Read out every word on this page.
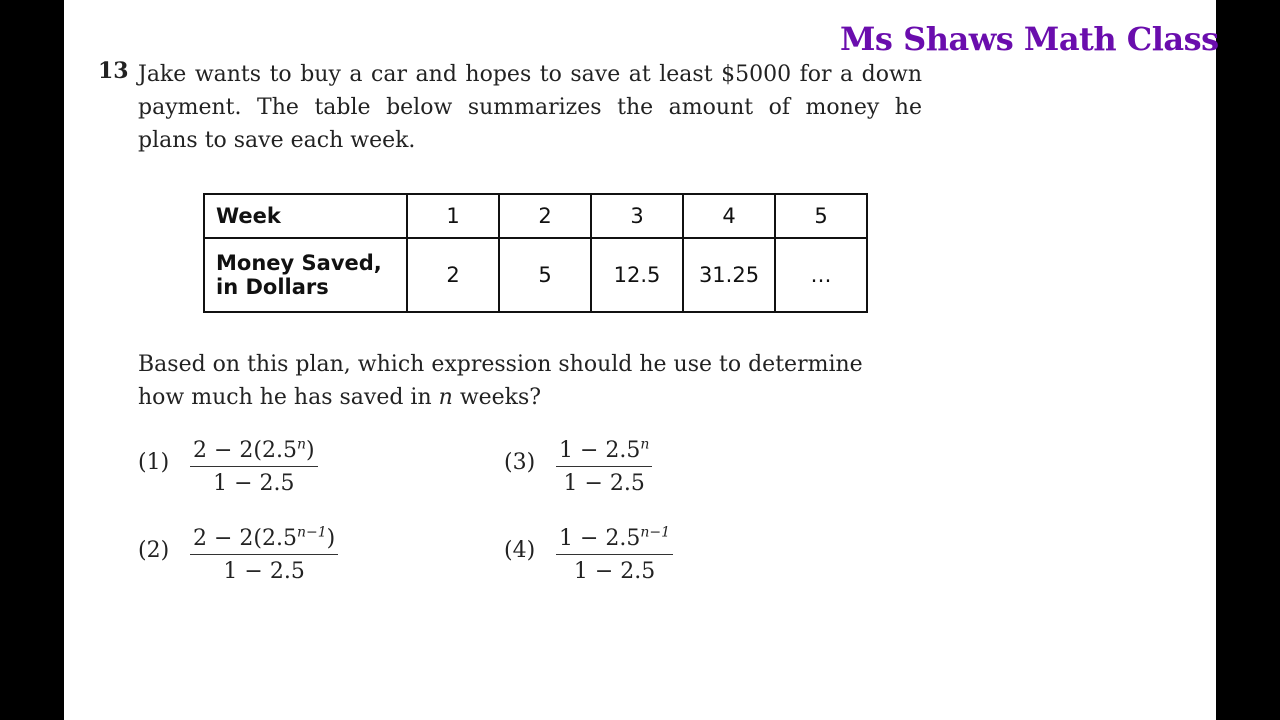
Ms Shaws Math Class
13 Jake wants to buy a car and hopes to save at least $5000 for a down
payment. The table below summarizes the amount of money he
plans to save each week.
Week	1	2	3	4	5
Money Saved,
in Dollars	2	5	12.5	31.25	…
Based on this plan, which expression should he use to determine
how much he has saved in n weeks?
$(1) \frac{2 - 2(2.5^n)}{1 - 2.5}$
$(2) \frac{2 - 2(2.5^{n-1})}{1 - 2.5}$
$(3) \frac{1 - 2.5^n}{1 - 2.5}$
$(4) \frac{1 - 2.5^{n-1}}{1 - 2.5}$
